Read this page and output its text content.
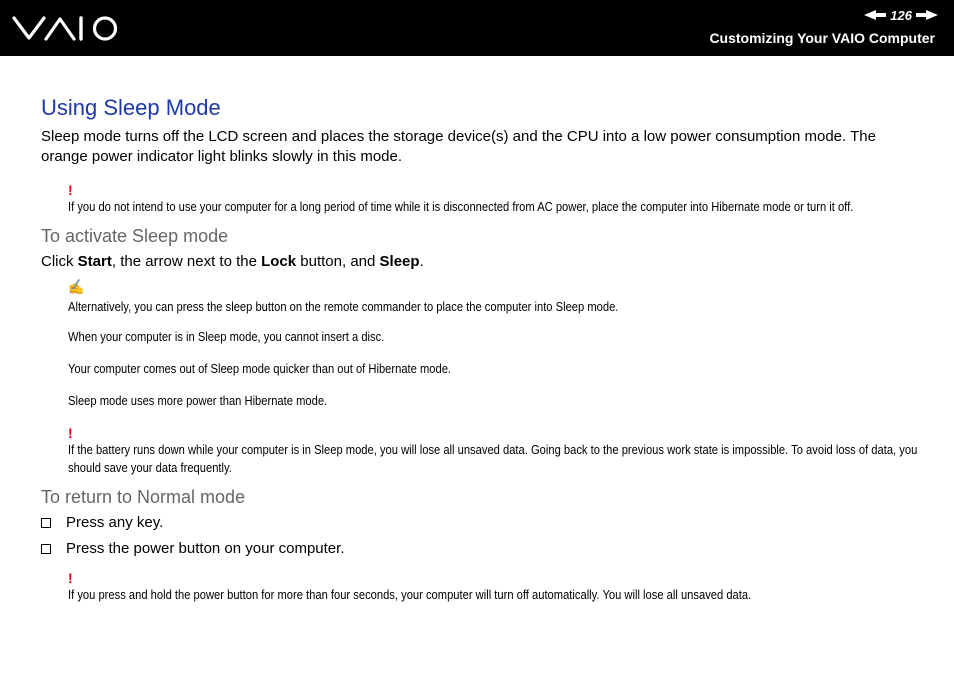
126
Customizing Your VAIO Computer
Using Sleep Mode

Sleep mode turns off the LCD screen and places the storage device(s) and the CPU into a low power consumption mode. The orange power indicator light blinks slowly in this mode.

!
If you do not intend to use your computer for a long period of time while it is disconnected from AC power, place the computer into Hibernate mode or turn it off.
To activate Sleep mode

Click Start, the arrow next to the Lock button, and Sleep.

✍
Alternatively, you can press the sleep button on the remote commander to place the computer into Sleep mode.
When your computer is in Sleep mode, you cannot insert a disc.
Your computer comes out of Sleep mode quicker than out of Hibernate mode.
Sleep mode uses more power than Hibernate mode.
!
If the battery runs down while your computer is in Sleep mode, you will lose all unsaved data. Going back to the previous work state is impossible. To avoid loss of data, you should save your data frequently.
To return to Normal mode
Press any key.
Press the power button on your computer.
!
If you press and hold the power button for more than four seconds, your computer will turn off automatically. You will lose all unsaved data.
